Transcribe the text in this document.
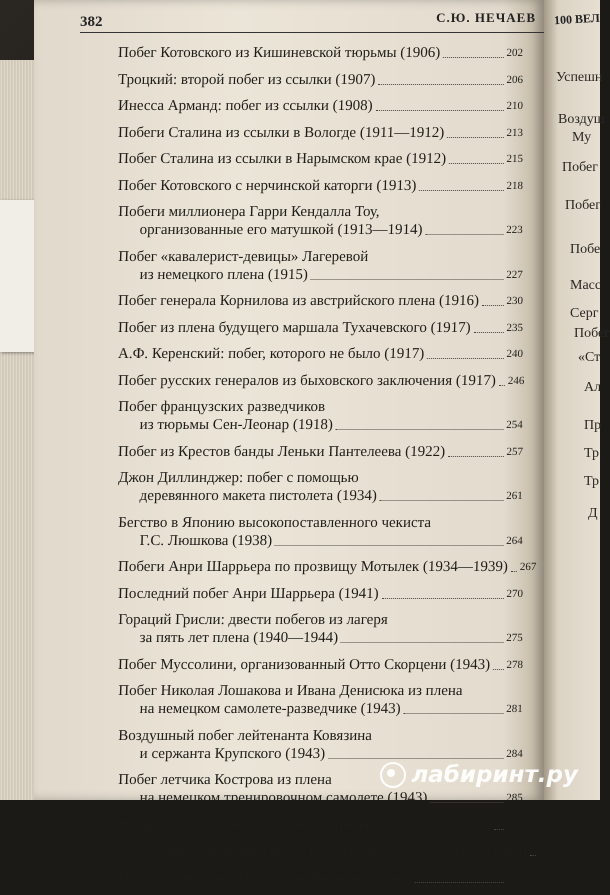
382	С.Ю. НЕЧАЕВ 100 ВЕЛ
Успешн
Воздуш
Му
Побег
Побег
Побе
Масс
Серг
Побег
«Ст
Ал
Пр
Тр
Тр
Д
Побег Котовского из Кишиневской тюрьмы (1906)	202
Троцкий: второй побег из ссылки (1907)	206
Инесса Арманд: побег из ссылки (1908)	210
Побеги Сталина из ссылки в Вологде (1911—1912)	213
Побег Сталина из ссылки в Нарымском крае (1912)	215
Побег Котовского с нерчинской каторги (1913)	218
Побеги миллионера Гарри Кендалла Тоу,
организованные его матушкой (1913—1914)	223
Побег «кавалерист-девицы» Лагеревой
из немецкого плена (1915)	227
Побег генерала Корнилова из австрийского плена (1916) 230
Побег из плена будущего маршала Тухачевского (1917)	235
А.Ф. Керенский: побег, которого не было (1917)	240
Побег русских генералов из быховского заключения (1917) 246
Побег французских разведчиков
из тюрьмы Сен-Леонар (1918)	254
Побег из Крестов банды Леньки Пантелеева (1922)	257
Джон Диллинджер: побег с помощью
деревянного макета пистолета (1934)	261
Бегство в Японию высокопоставленного чекиста
Г.С. Люшкова (1938)	264
Побеги Анри Шаррьера по прозвищу Мотылек (1934—1939) 267
Последний побег Анри Шаррьера (1941)	270
Гораций Грисли: двести побегов из лагеря
за пять лет плена (1940—1944)	275
Побег Муссолини, организованный Отто Скорцени (1943) 278
Побег Николая Лошакова и Ивана Денисюка из плена
на немецком самолете-разведчике (1943)	281
Воздушный побег лейтенанта Ковязина
и сержанта Крупского (1943)	284
Побег летчика Кострова из плена
на немецком тренировочном самолете (1943)	285
Владимир Лавриненков: побег из немецкого поезда (1943) 287
С.С. Александровский: побег из плена и его последствия (1943) 290
Побеги военврача Мстислава Яковенко (1943)	294
лабиринт.ру
